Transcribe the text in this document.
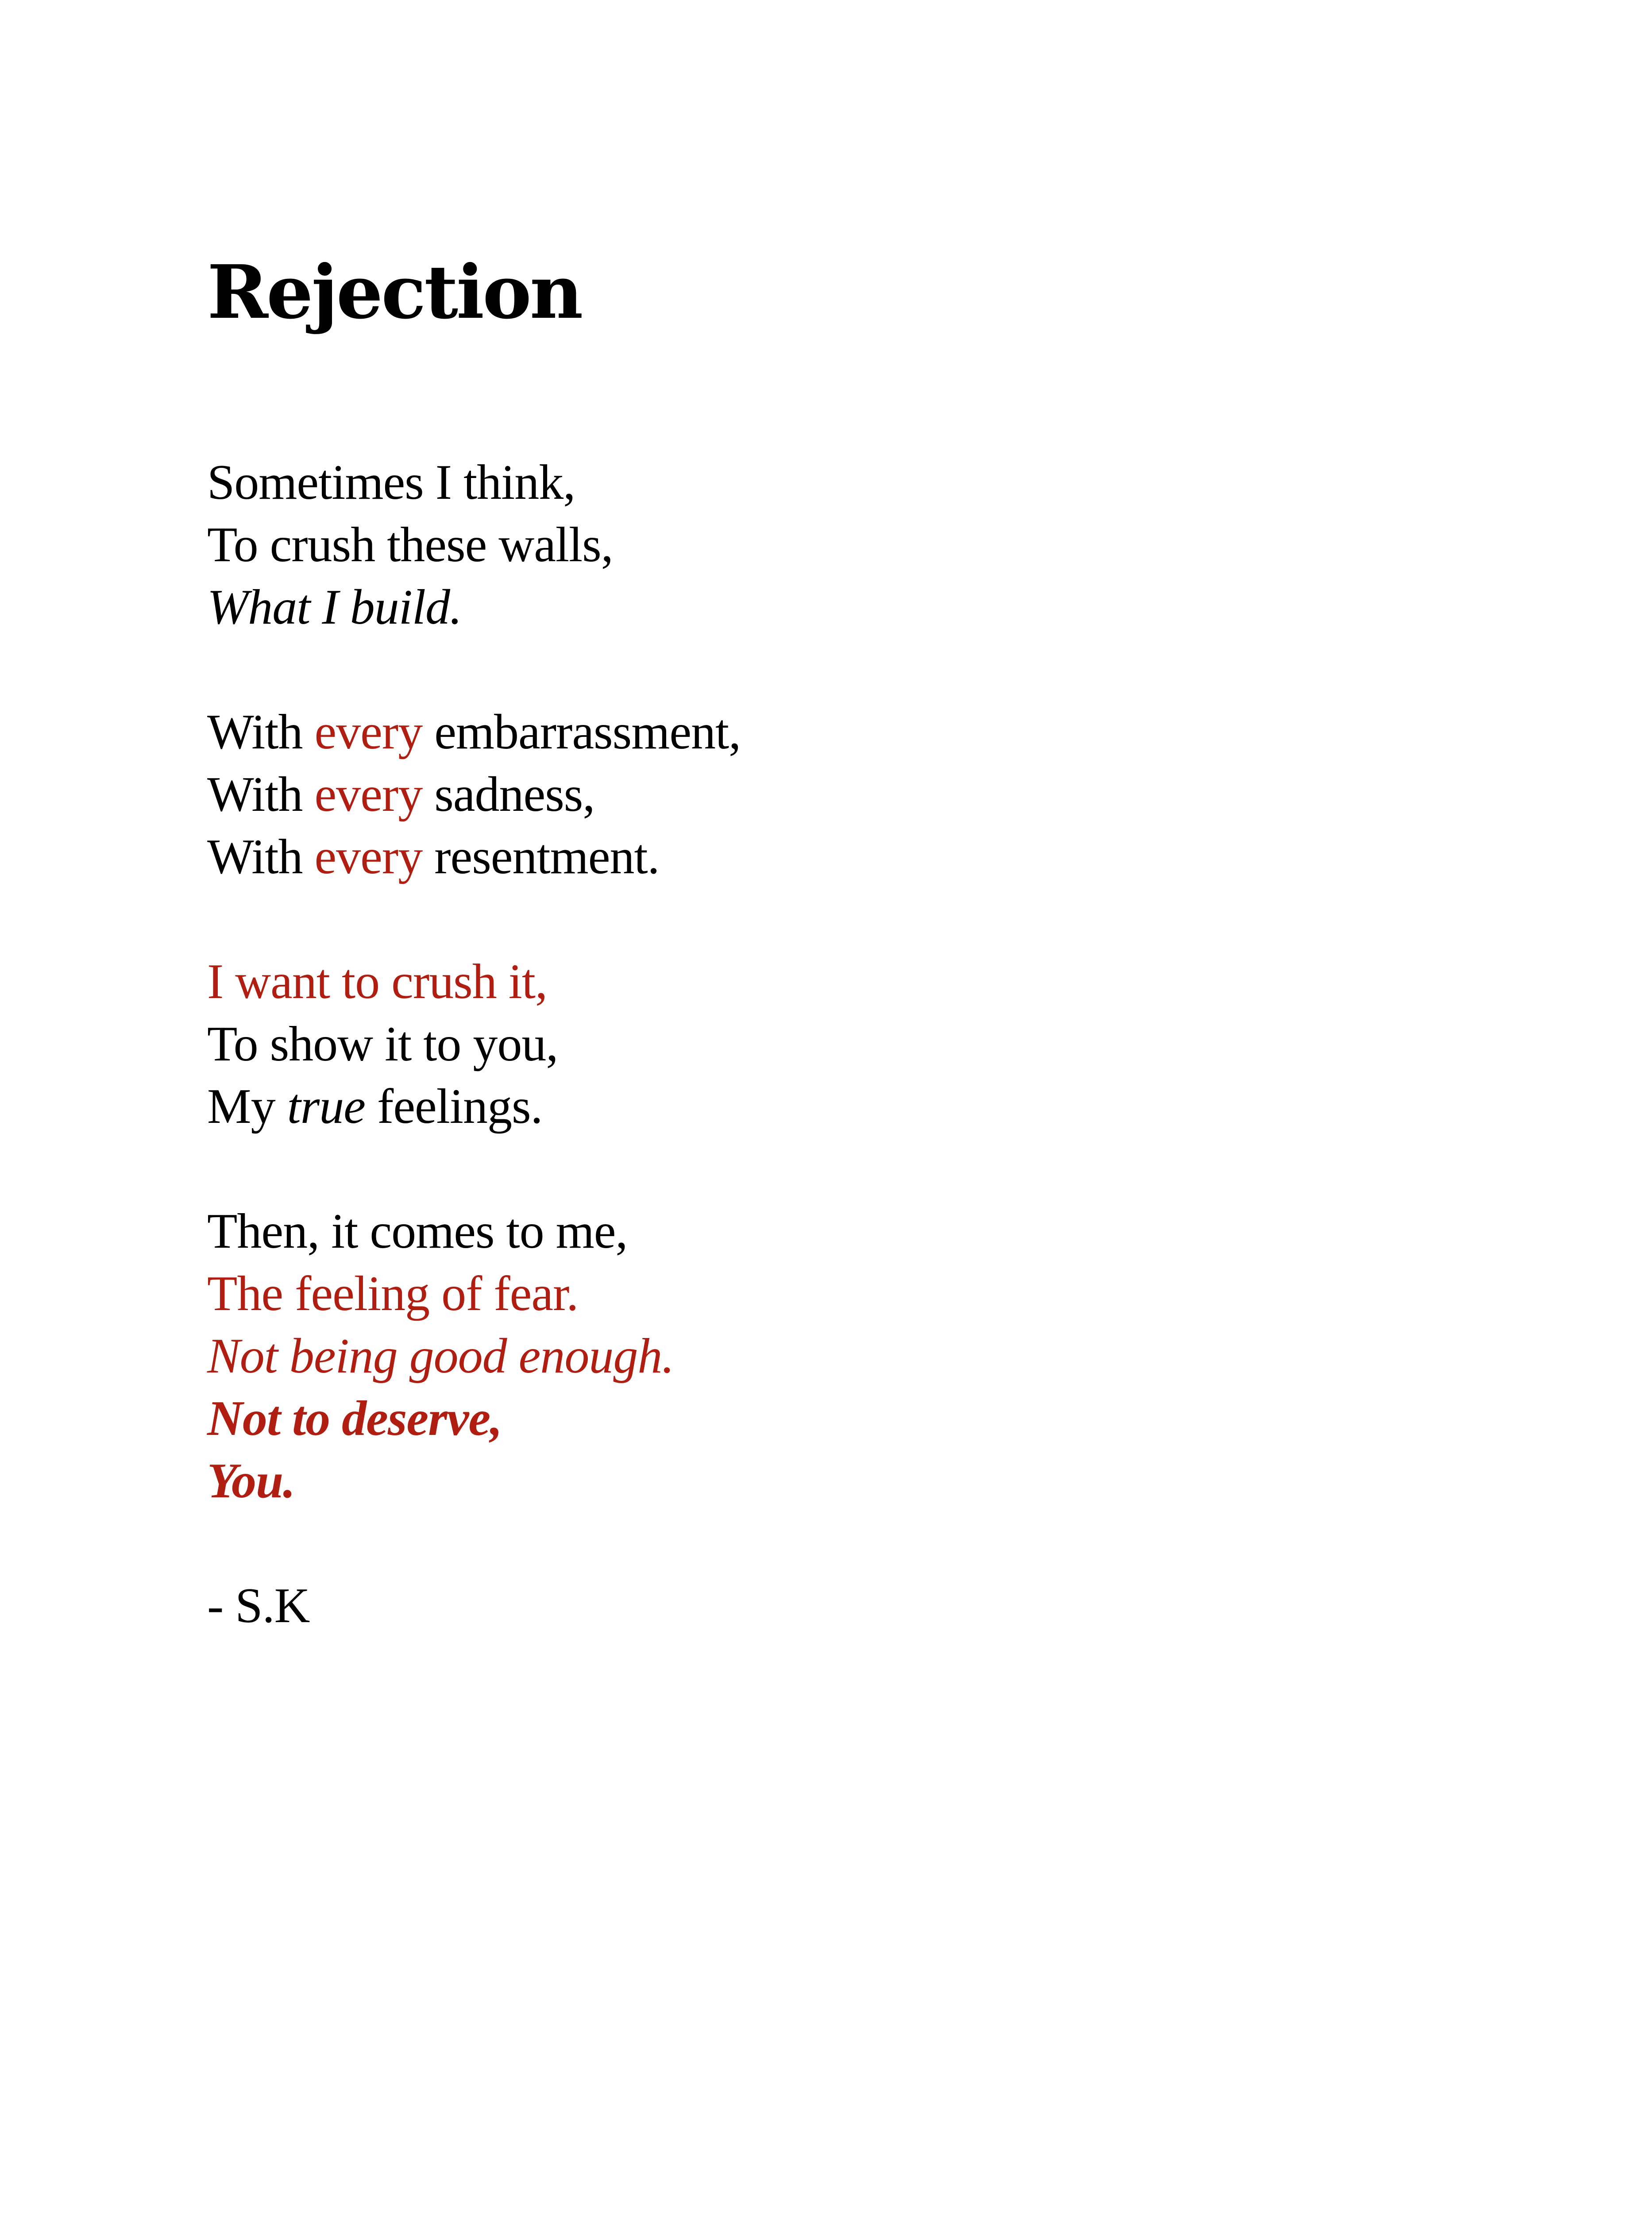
Rejection
Sometimes I think,
To crush these walls,
What I build.
With every embarrassment,
With every sadness,
With every resentment.
I want to crush it,
To show it to you,
My true feelings.
Then, it comes to me,
The feeling of fear.
Not being good enough.
Not to deserve,
You.
- S.K
